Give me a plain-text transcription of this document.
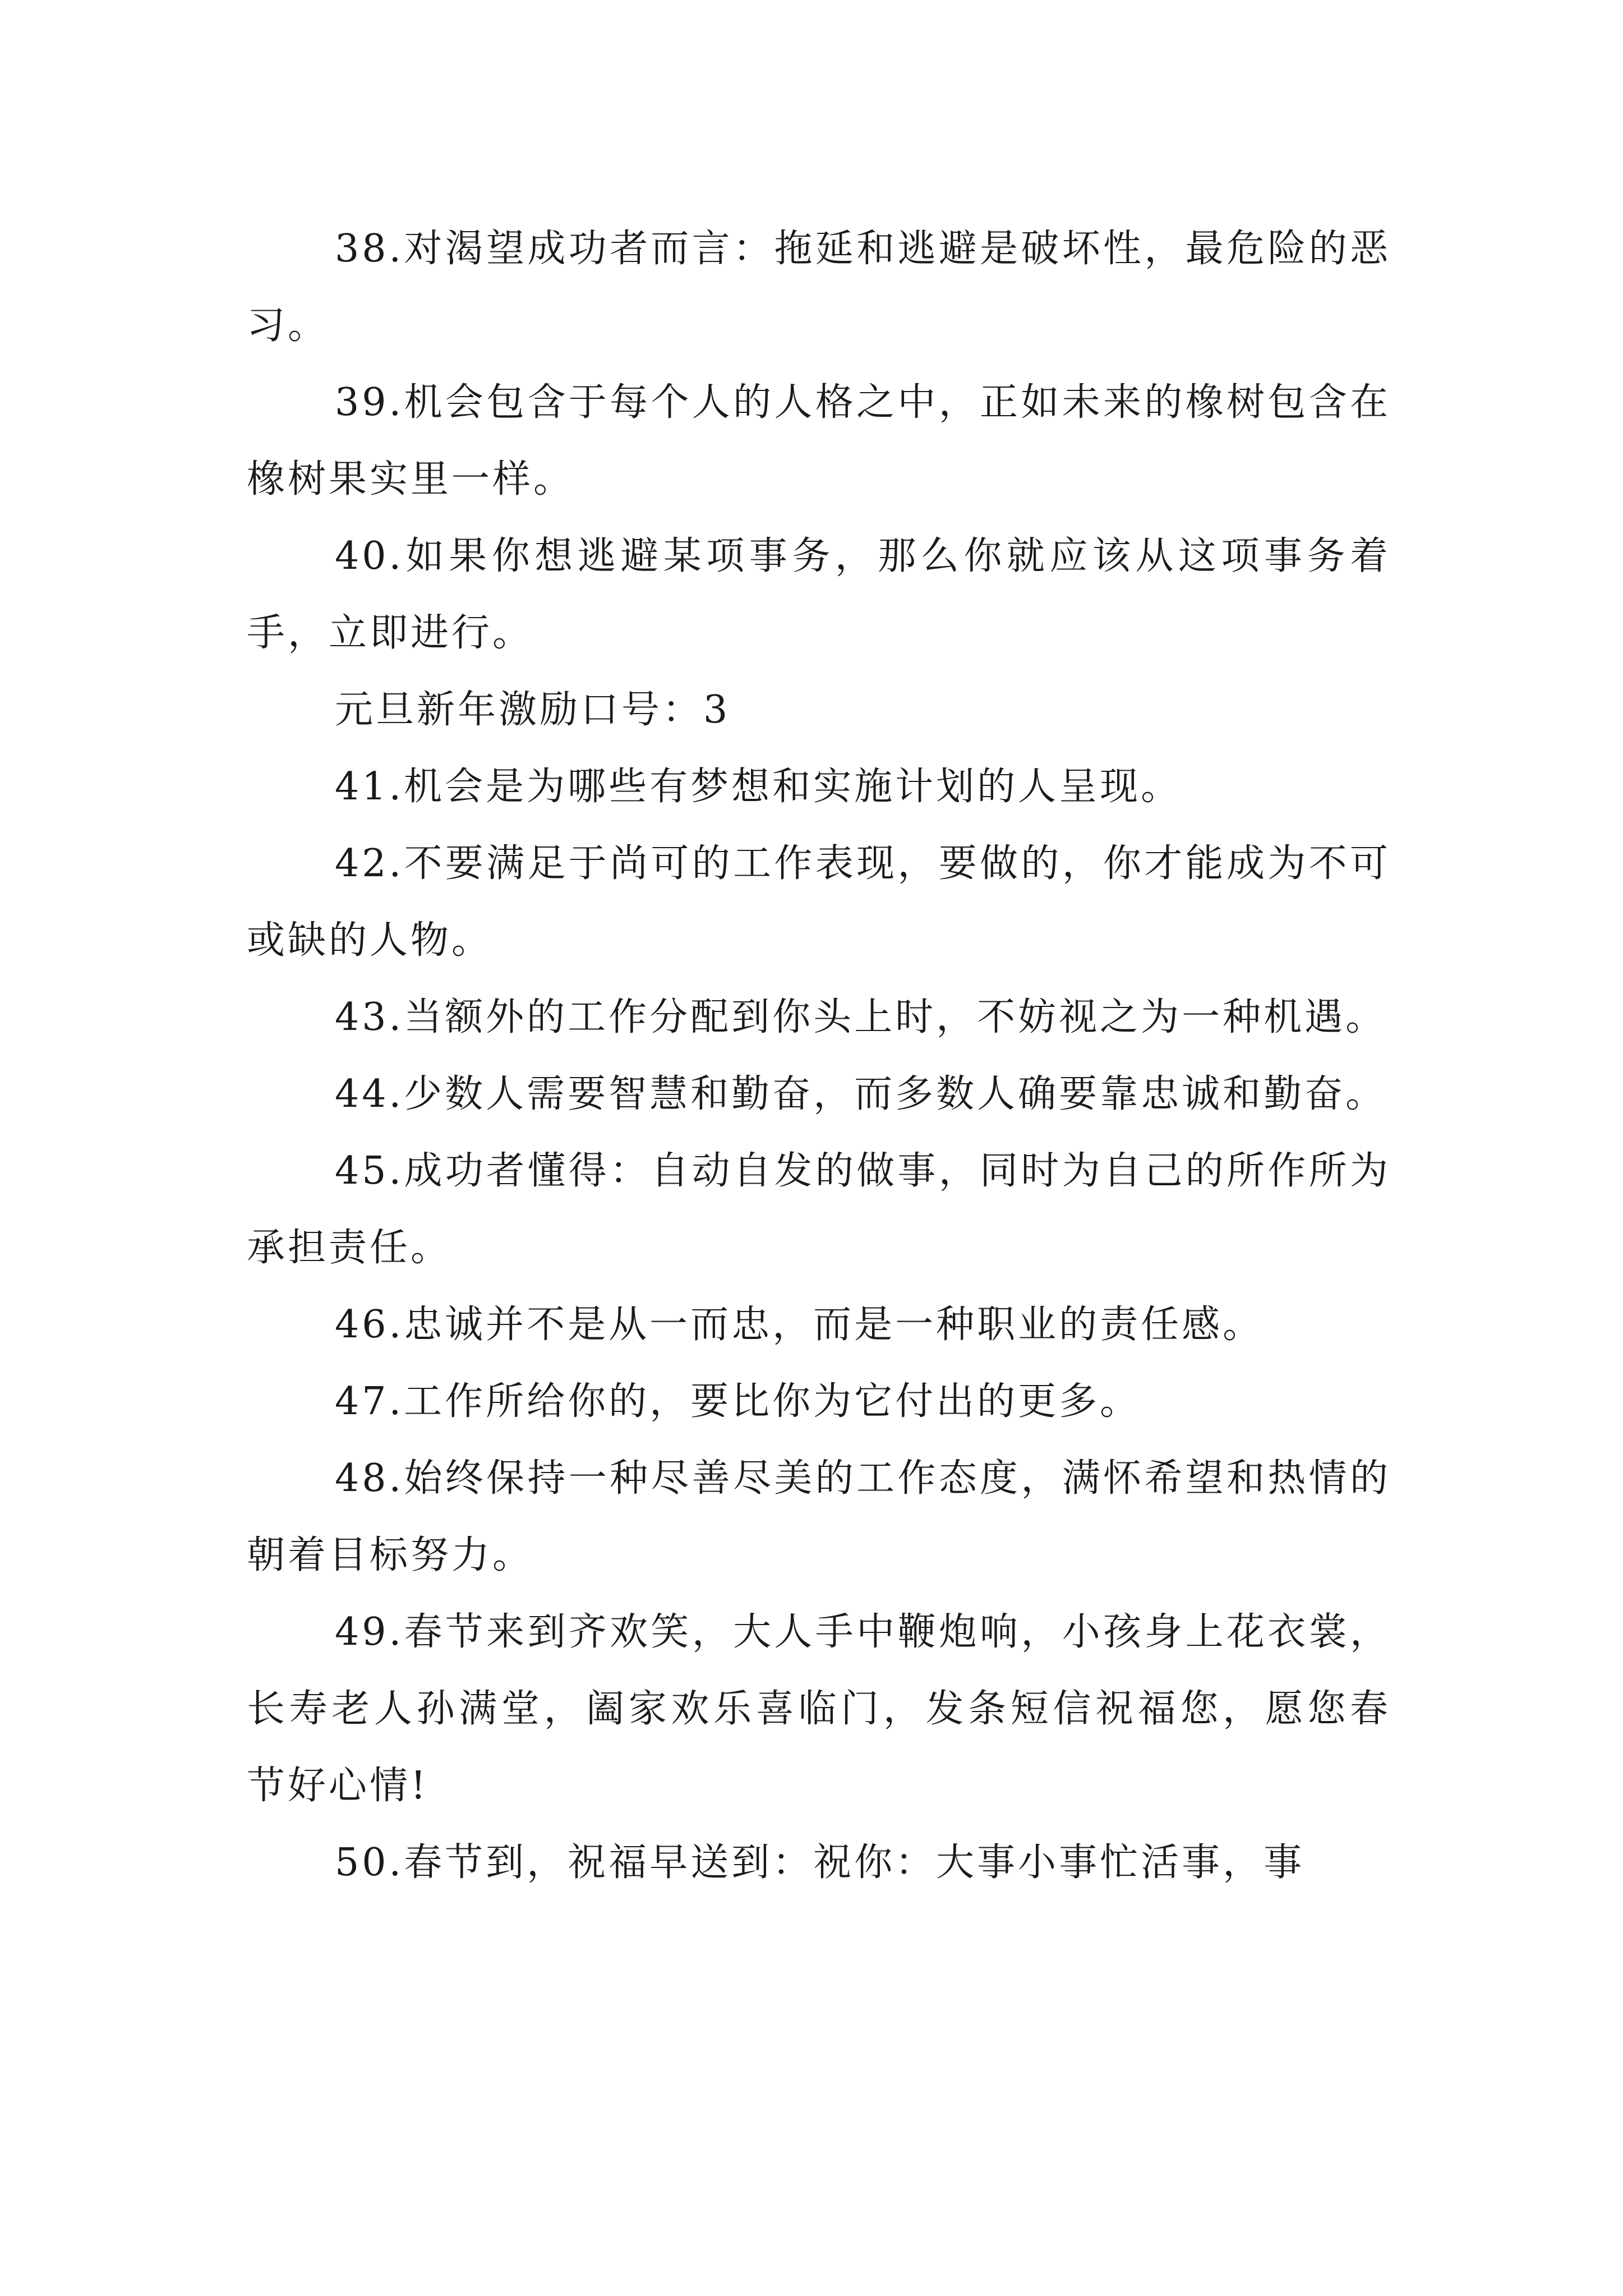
38.对渴望成功者而言：拖延和逃避是破坏性，最危险的恶习。

39.机会包含于每个人的人格之中，正如未来的橡树包含在橡树果实里一样。

40.如果你想逃避某项事务，那么你就应该从这项事务着手，立即进行。

元旦新年激励口号：3

41.机会是为哪些有梦想和实施计划的人呈现。

42.不要满足于尚可的工作表现，要做的，你才能成为不可或缺的人物。

43.当额外的工作分配到你头上时，不妨视之为一种机遇。

44.少数人需要智慧和勤奋，而多数人确要靠忠诚和勤奋。

45.成功者懂得：自动自发的做事，同时为自己的所作所为承担责任。

46.忠诚并不是从一而忠，而是一种职业的责任感。

47.工作所给你的，要比你为它付出的更多。

48.始终保持一种尽善尽美的工作态度，满怀希望和热情的朝着目标努力。

49.春节来到齐欢笑，大人手中鞭炮响，小孩身上花衣裳，长寿老人孙满堂，阖家欢乐喜临门，发条短信祝福您，愿您春节好心情!

50.春节到，祝福早送到：祝你：大事小事忙活事，事
